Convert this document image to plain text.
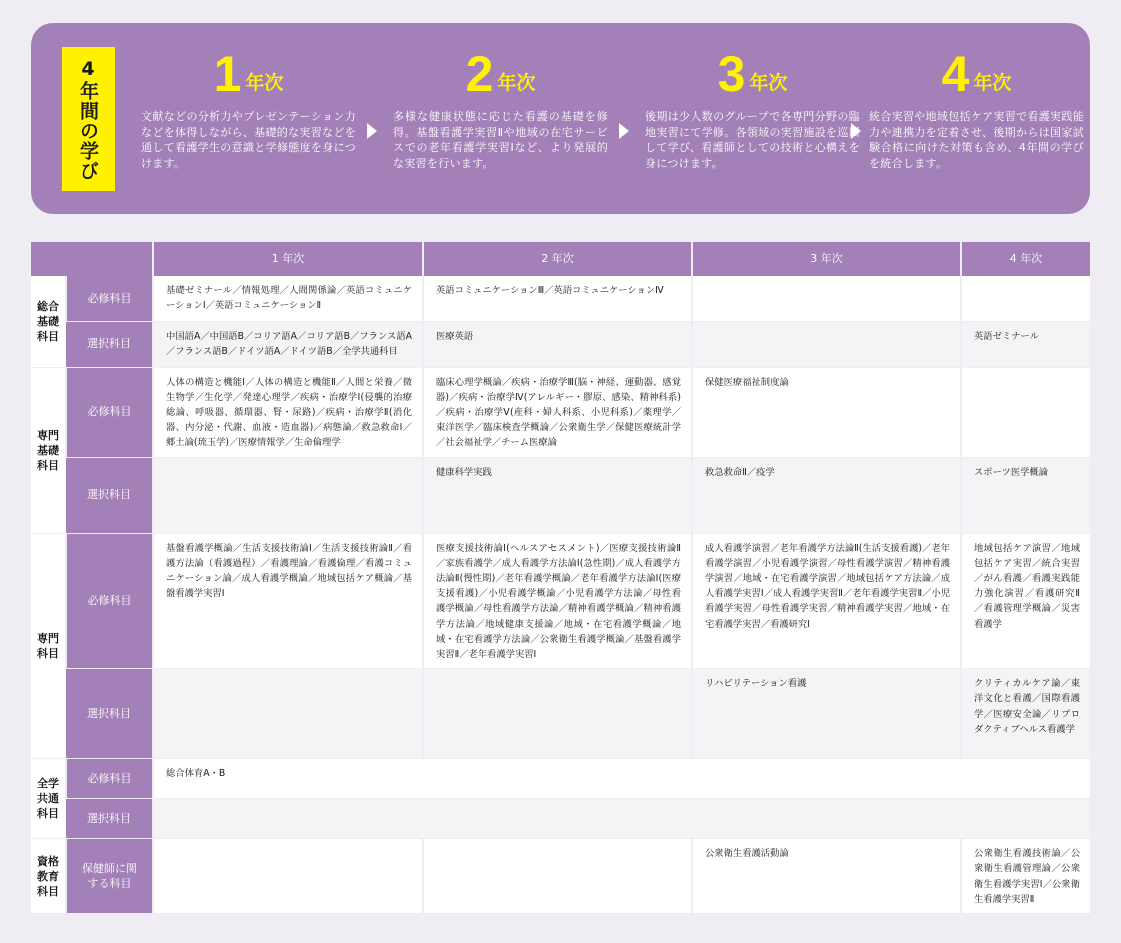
4年間の学び 1 年次
文献などの分析力やプレゼンテーション力などを体得しながら、基礎的な実習などを通して看護学生の意識と学修態度を身につけます。
2 年次
多様な健康状態に応じた看護の基礎を修得。基盤看護学実習Ⅱや地域の在宅サービスでの老年看護学実習Ⅰなど、より発展的な実習を行います。
3 年次
後期は少人数のグループで各専門分野の臨地実習にて学修。各領域の実習施設を巡回して学び、看護師としての技術と心構えを身につけます。
4 年次
統合実習や地域包括ケア実習で看護実践能力や連携力を定着させ、後期からは国家試験合格に向けた対策も含め、4年間の学びを統合します。
		1 年次	2 年次	3 年次	4 年次
総合基礎科目	必修科目	基礎ゼミナール／情報処理／人間関係論／英語コミュニケーションⅠ／英語コミュニケーションⅡ	英語コミュニケーションⅢ／英語コミュニケーションⅣ		

	選択科目	中国語A／中国語B／コリア語A／コリア語B／フランス語A／フランス語B／ドイツ語A／ドイツ語B／全学共通科目	医療英語		英語ゼミナール

専門基礎科目	必修科目	人体の構造と機能Ⅰ／人体の構造と機能Ⅱ／人間と栄養／微生物学／生化学／発達心理学／疾病・治療学Ⅰ(侵襲的治療総論、呼吸器、循環器、腎・尿路)／疾病・治療学Ⅱ(消化器、内分泌・代謝、血液・造血器)／病態論／救急救命Ⅰ／郷土論(琉玉学)／医療情報学／生命倫理学	臨床心理学概論／疾病・治療学Ⅲ(脳・神経、運動器、感覚器)／疾病・治療学Ⅳ(アレルギー・膠原、感染、精神科系)／疾病・治療学Ⅴ(産科・婦人科系、小児科系)／薬理学／東洋医学／臨床検査学概論／公衆衛生学／保健医療統計学／社会福祉学／チーム医療論	保健医療福祉制度論	

	選択科目		健康科学実践	救急救命Ⅱ／疫学	スポーツ医学概論

専門科目	必修科目	基盤看護学概論／生活支援技術論Ⅰ／生活支援技術論Ⅱ／看護方法論（看護過程）／看護理論／看護倫理／看護コミュニケーション論／成人看護学概論／地域包括ケア概論／基盤看護学実習Ⅰ	医療支援技術論Ⅰ(ヘルスアセスメント)／医療支援技術論Ⅱ／家族看護学／成人看護学方法論Ⅰ(急性期)／成人看護学方法論Ⅱ(慢性期)／老年看護学概論／老年看護学方法論Ⅰ(医療支援看護)／小児看護学概論／小児看護学方法論／母性看護学概論／母性看護学方法論／精神看護学概論／精神看護学方法論／地域健康支援論／地域・在宅看護学概論／地域・在宅看護学方法論／公衆衛生看護学概論／基盤看護学実習Ⅱ／老年看護学実習Ⅰ	成人看護学演習／老年看護学方法論Ⅱ(生活支援看護)／老年看護学演習／小児看護学演習／母性看護学演習／精神看護学演習／地域・在宅看護学演習／地域包括ケア方法論／成人看護学実習Ⅰ／成人看護学実習Ⅱ／老年看護学実習Ⅱ／小児看護学実習／母性看護学実習／精神看護学実習／地域・在宅看護学実習／看護研究Ⅰ	地域包括ケア演習／地域包括ケア実習／統合実習／がん看護／看護実践能力強化演習／看護研究Ⅱ／看護管理学概論／災害看護学

	選択科目			リハビリテーション看護	クリティカルケア論／東洋文化と看護／国際看護学／医療安全論／リプロダクティブヘルス看護学

全学共通科目	必修科目	総合体育A・B			

	選択科目				

資格教育科目	保健師に関する科目			公衆衛生看護活動論	公衆衛生看護技術論／公衆衛生看護管理論／公衆衛生看護学実習Ⅰ／公衆衛生看護学実習Ⅱ
